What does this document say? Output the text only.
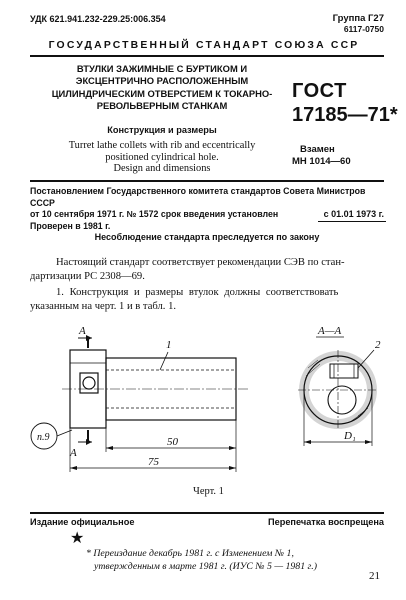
УДК 621.941.232-229.25:006.354	Группа Г27
6117-0750
ГОСУДАРСТВЕННЫЙ СТАНДАРТ СОЮЗА ССР
ВТУЛКИ ЗАЖИМНЫЕ С БУРТИКОМ И
ЭКСЦЕНТРИЧНО РАСПОЛОЖЕННЫМ
ЦИЛИНДРИЧЕСКИМ ОТВЕРСТИЕМ К ТОКАРНО-
РЕВОЛЬВЕРНЫМ СТАНКАМ
Конструкция и размеры
Turret lathe collets with rib and eccentrically
positioned cylindrical hole.
Design and dimensions
ГОСТ
17185—71*
Взамен
МН 1014—60
Постановлением Государственного комитета стандартов Совета Министров СССР
от 10 сентября 1971 г. № 1572 срок введения установлен
Проверен в 1981 г.
с 01.01 1973 г.
Несоблюдение стандарта преследуется по закону
Настоящий стандарт соответствует рекомендации СЭВ по стан-
дартизации РС 2308—69.
1. Конструкция и размеры втулок должны соответствовать
указанным на черт. 1 и в табл. 1.
А
1
А
п.9	50
75
А—А
2
D₁
Черт. 1
Издание официальное	Перепечатка воспрещена
★
* Переиздание декабрь 1981 г. с Изменением № 1,
утвержденным в марте 1981 г. (ИУС № 5 — 1981 г.)
21
